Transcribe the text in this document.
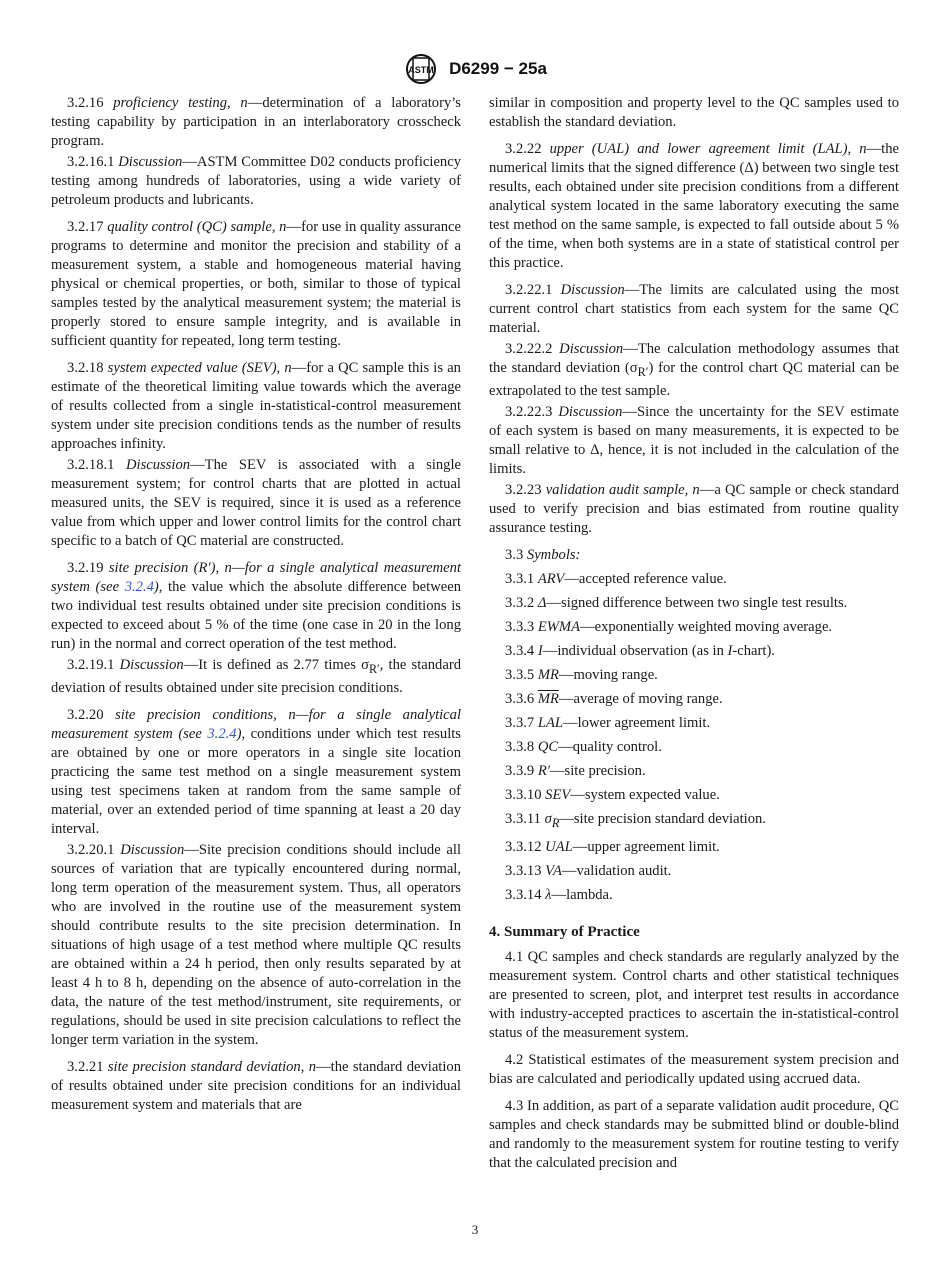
ASTM D6299 − 25a

3.2.16 proficiency testing, n—determination of a laboratory’s testing capability by participation in an interlaboratory crosscheck program.

3.2.16.1 Discussion—ASTM Committee D02 conducts proficiency testing among hundreds of laboratories, using a wide variety of petroleum products and lubricants.

3.2.17 quality control (QC) sample, n—for use in quality assurance programs to determine and monitor the precision and stability of a measurement system, a stable and homogeneous material having physical or chemical properties, or both, similar to those of typical samples tested by the analytical measurement system; the material is properly stored to ensure sample integrity, and is available in sufficient quantity for repeated, long term testing.

3.2.18 system expected value (SEV), n—for a QC sample this is an estimate of the theoretical limiting value towards which the average of results collected from a single in-statistical-control measurement system under site precision conditions tends as the number of results approaches infinity.

3.2.18.1 Discussion—The SEV is associated with a single measurement system; for control charts that are plotted in actual measured units, the SEV is required, since it is used as a reference value from which upper and lower control limits for the control chart specific to a batch of QC material are constructed.

3.2.19 site precision (R′), n—for a single analytical measurement system (see 3.2.4), the value which the absolute difference between two individual test results obtained under site precision conditions is expected to exceed about 5 % of the time (one case in 20 in the long run) in the normal and correct operation of the test method.

3.2.19.1 Discussion—It is defined as 2.77 times $\sigma_{R'}$, the standard deviation of results obtained under site precision conditions.

3.2.20 site precision conditions, n—for a single analytical measurement system (see 3.2.4), conditions under which test results are obtained by one or more operators in a single site location practicing the same test method on a single measurement system using test specimens taken at random from the same sample of material, over an extended period of time spanning at least a 20 day interval.

3.2.20.1 Discussion—Site precision conditions should include all sources of variation that are typically encountered during normal, long term operation of the measurement system. Thus, all operators who are involved in the routine use of the measurement system should contribute results to the site precision determination. In situations of high usage of a test method where multiple QC results are obtained within a 24 h period, then only results separated by at least 4 h to 8 h, depending on the absence of auto-correlation in the data, the nature of the test method/instrument, site requirements, or regulations, should be used in site precision calculations to reflect the longer term variation in the system.

3.2.21 site precision standard deviation, n—the standard deviation of results obtained under site precision conditions for an individual measurement system and materials that are

similar in composition and property level to the QC samples used to establish the standard deviation.

3.2.22 upper (UAL) and lower agreement limit (LAL), n—the numerical limits that the signed difference (Δ) between two single test results, each obtained under site precision conditions from a different analytical system located in the same laboratory executing the same test method on the same sample, is expected to fall outside about 5 % of the time, when both systems are in a state of statistical control per this practice.

3.2.22.1 Discussion—The limits are calculated using the most current control chart statistics from each system for the same QC material.

3.2.22.2 Discussion—The calculation methodology assumes that the standard deviation $(\sigma_{R'})$ for the control chart QC material can be extrapolated to the test sample.

3.2.22.3 Discussion—Since the uncertainty for the SEV estimate of each system is based on many measurements, it is expected to be small relative to Δ, hence, it is not included in the calculation of the limits.

3.2.23 validation audit sample, n—a QC sample or check standard used to verify precision and bias estimated from routine quality assurance testing.

3.3 Symbols:

3.3.1 ARV—accepted reference value.

3.3.2 Δ—signed difference between two single test results.

3.3.3 EWMA—exponentially weighted moving average.

3.3.4 I—individual observation (as in I-chart).

3.3.5 MR—moving range.

3.3.6 $\overline{MR}—average$ of moving range.

3.3.7 LAL—lower agreement limit.

3.3.8 QC—quality control.

3.3.9 R′—site precision.

3.3.10 SEV—system expected value.

3.3.11 $\sigma_R—site$ precision standard deviation.

3.3.12 UAL—upper agreement limit.

3.3.13 VA—validation audit.

3.3.14 λ—lambda.

4. Summary of Practice

4.1 QC samples and check standards are regularly analyzed by the measurement system. Control charts and other statistical techniques are presented to screen, plot, and interpret test results in accordance with industry-accepted practices to ascertain the in-statistical-control status of the measurement system.

4.2 Statistical estimates of the measurement system precision and bias are calculated and periodically updated using accrued data.

4.3 In addition, as part of a separate validation audit procedure, QC samples and check standards may be submitted blind or double-blind and randomly to the measurement system for routine testing to verify that the calculated precision and

3
